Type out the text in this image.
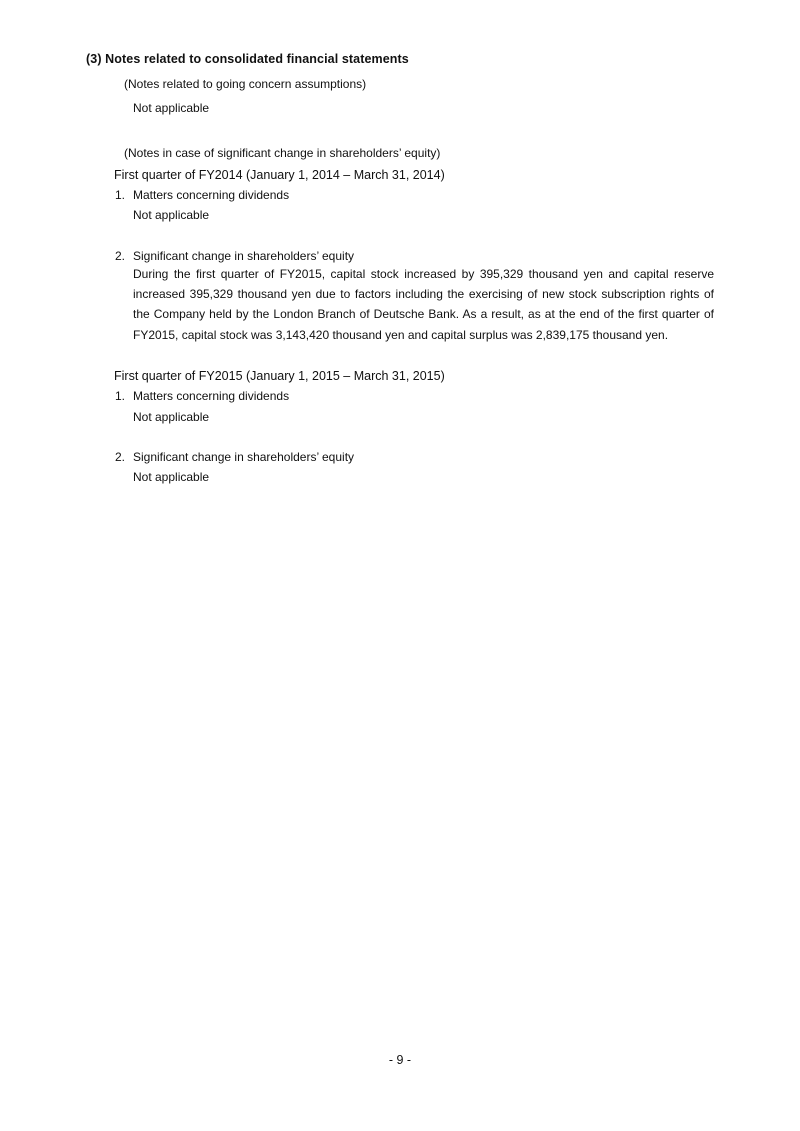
(3) Notes related to consolidated financial statements
(Notes related to going concern assumptions)
Not applicable
(Notes in case of significant change in shareholders’ equity)
First quarter of FY2014 (January 1, 2014 – March 31, 2014)
1. Matters concerning dividends
Not applicable
2. Significant change in shareholders’ equity
During the first quarter of FY2015, capital stock increased by 395,329 thousand yen and capital reserve increased 395,329 thousand yen due to factors including the exercising of new stock subscription rights of the Company held by the London Branch of Deutsche Bank. As a result, as at the end of the first quarter of FY2015, capital stock was 3,143,420 thousand yen and capital surplus was 2,839,175 thousand yen.
First quarter of FY2015 (January 1, 2015 – March 31, 2015)
1. Matters concerning dividends
Not applicable
2. Significant change in shareholders’ equity
Not applicable
- 9 -
